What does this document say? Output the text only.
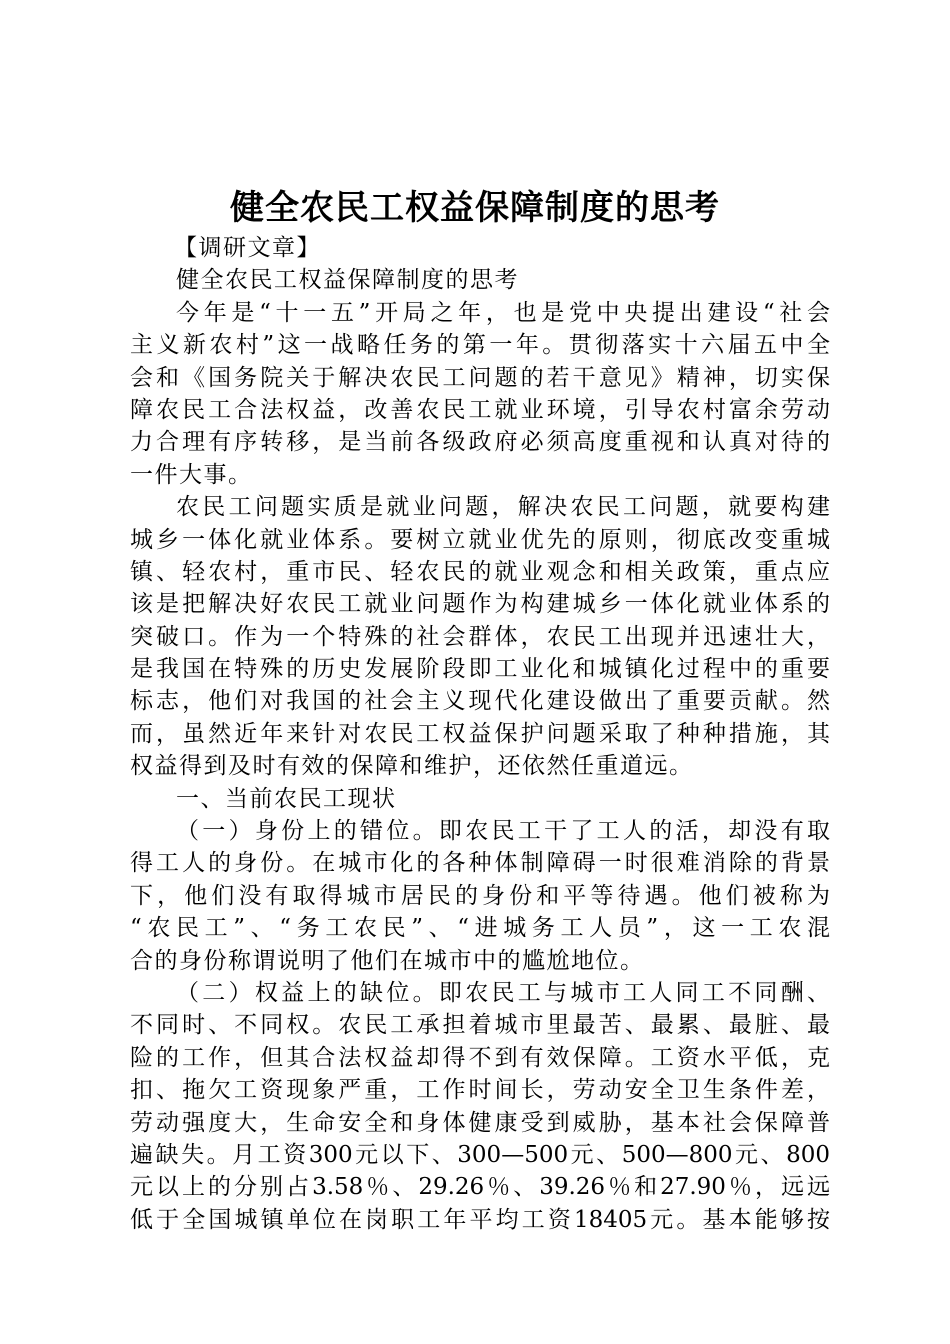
健全农民工权益保障制度的思考
【调研文章】
健全农民工权益保障制度的思考
今年是“十一五”开局之年，也是党中央提出建设“社会
主义新农村”这一战略任务的第一年。贯彻落实十六届五中全
会和《国务院关于解决农民工问题的若干意见》精神，切实保
障农民工合法权益，改善农民工就业环境，引导农村富余劳动
力合理有序转移，是当前各级政府必须高度重视和认真对待的
一件大事。
农民工问题实质是就业问题，解决农民工问题，就要构建
城乡一体化就业体系。要树立就业优先的原则，彻底改变重城
镇、轻农村，重市民、轻农民的就业观念和相关政策，重点应
该是把解决好农民工就业问题作为构建城乡一体化就业体系的
突破口。作为一个特殊的社会群体，农民工出现并迅速壮大，
是我国在特殊的历史发展阶段即工业化和城镇化过程中的重要
标志，他们对我国的社会主义现代化建设做出了重要贡献。然
而，虽然近年来针对农民工权益保护问题采取了种种措施，其
权益得到及时有效的保障和维护，还依然任重道远。
一、当前农民工现状
（一）身份上的错位。即农民工干了工人的活，却没有取
得工人的身份。在城市化的各种体制障碍一时很难消除的背景
下，他们没有取得城市居民的身份和平等待遇。他们被称为
“农民工”、“务工农民”、“进城务工人员”，这一工农混
合的身份称谓说明了他们在城市中的尴尬地位。
（二）权益上的缺位。即农民工与城市工人同工不同酬、
不同时、不同权。农民工承担着城市里最苦、最累、最脏、最
险的工作，但其合法权益却得不到有效保障。工资水平低，克
扣、拖欠工资现象严重，工作时间长，劳动安全卫生条件差，
劳动强度大，生命安全和身体健康受到威胁，基本社会保障普
遍缺失。月工资300元以下、300—500元、500—800元、800
元以上的分别占3.58％、29.26％、39.26％和27.90％，远远
低于全国城镇单位在岗职工年平均工资18405元。基本能够按
